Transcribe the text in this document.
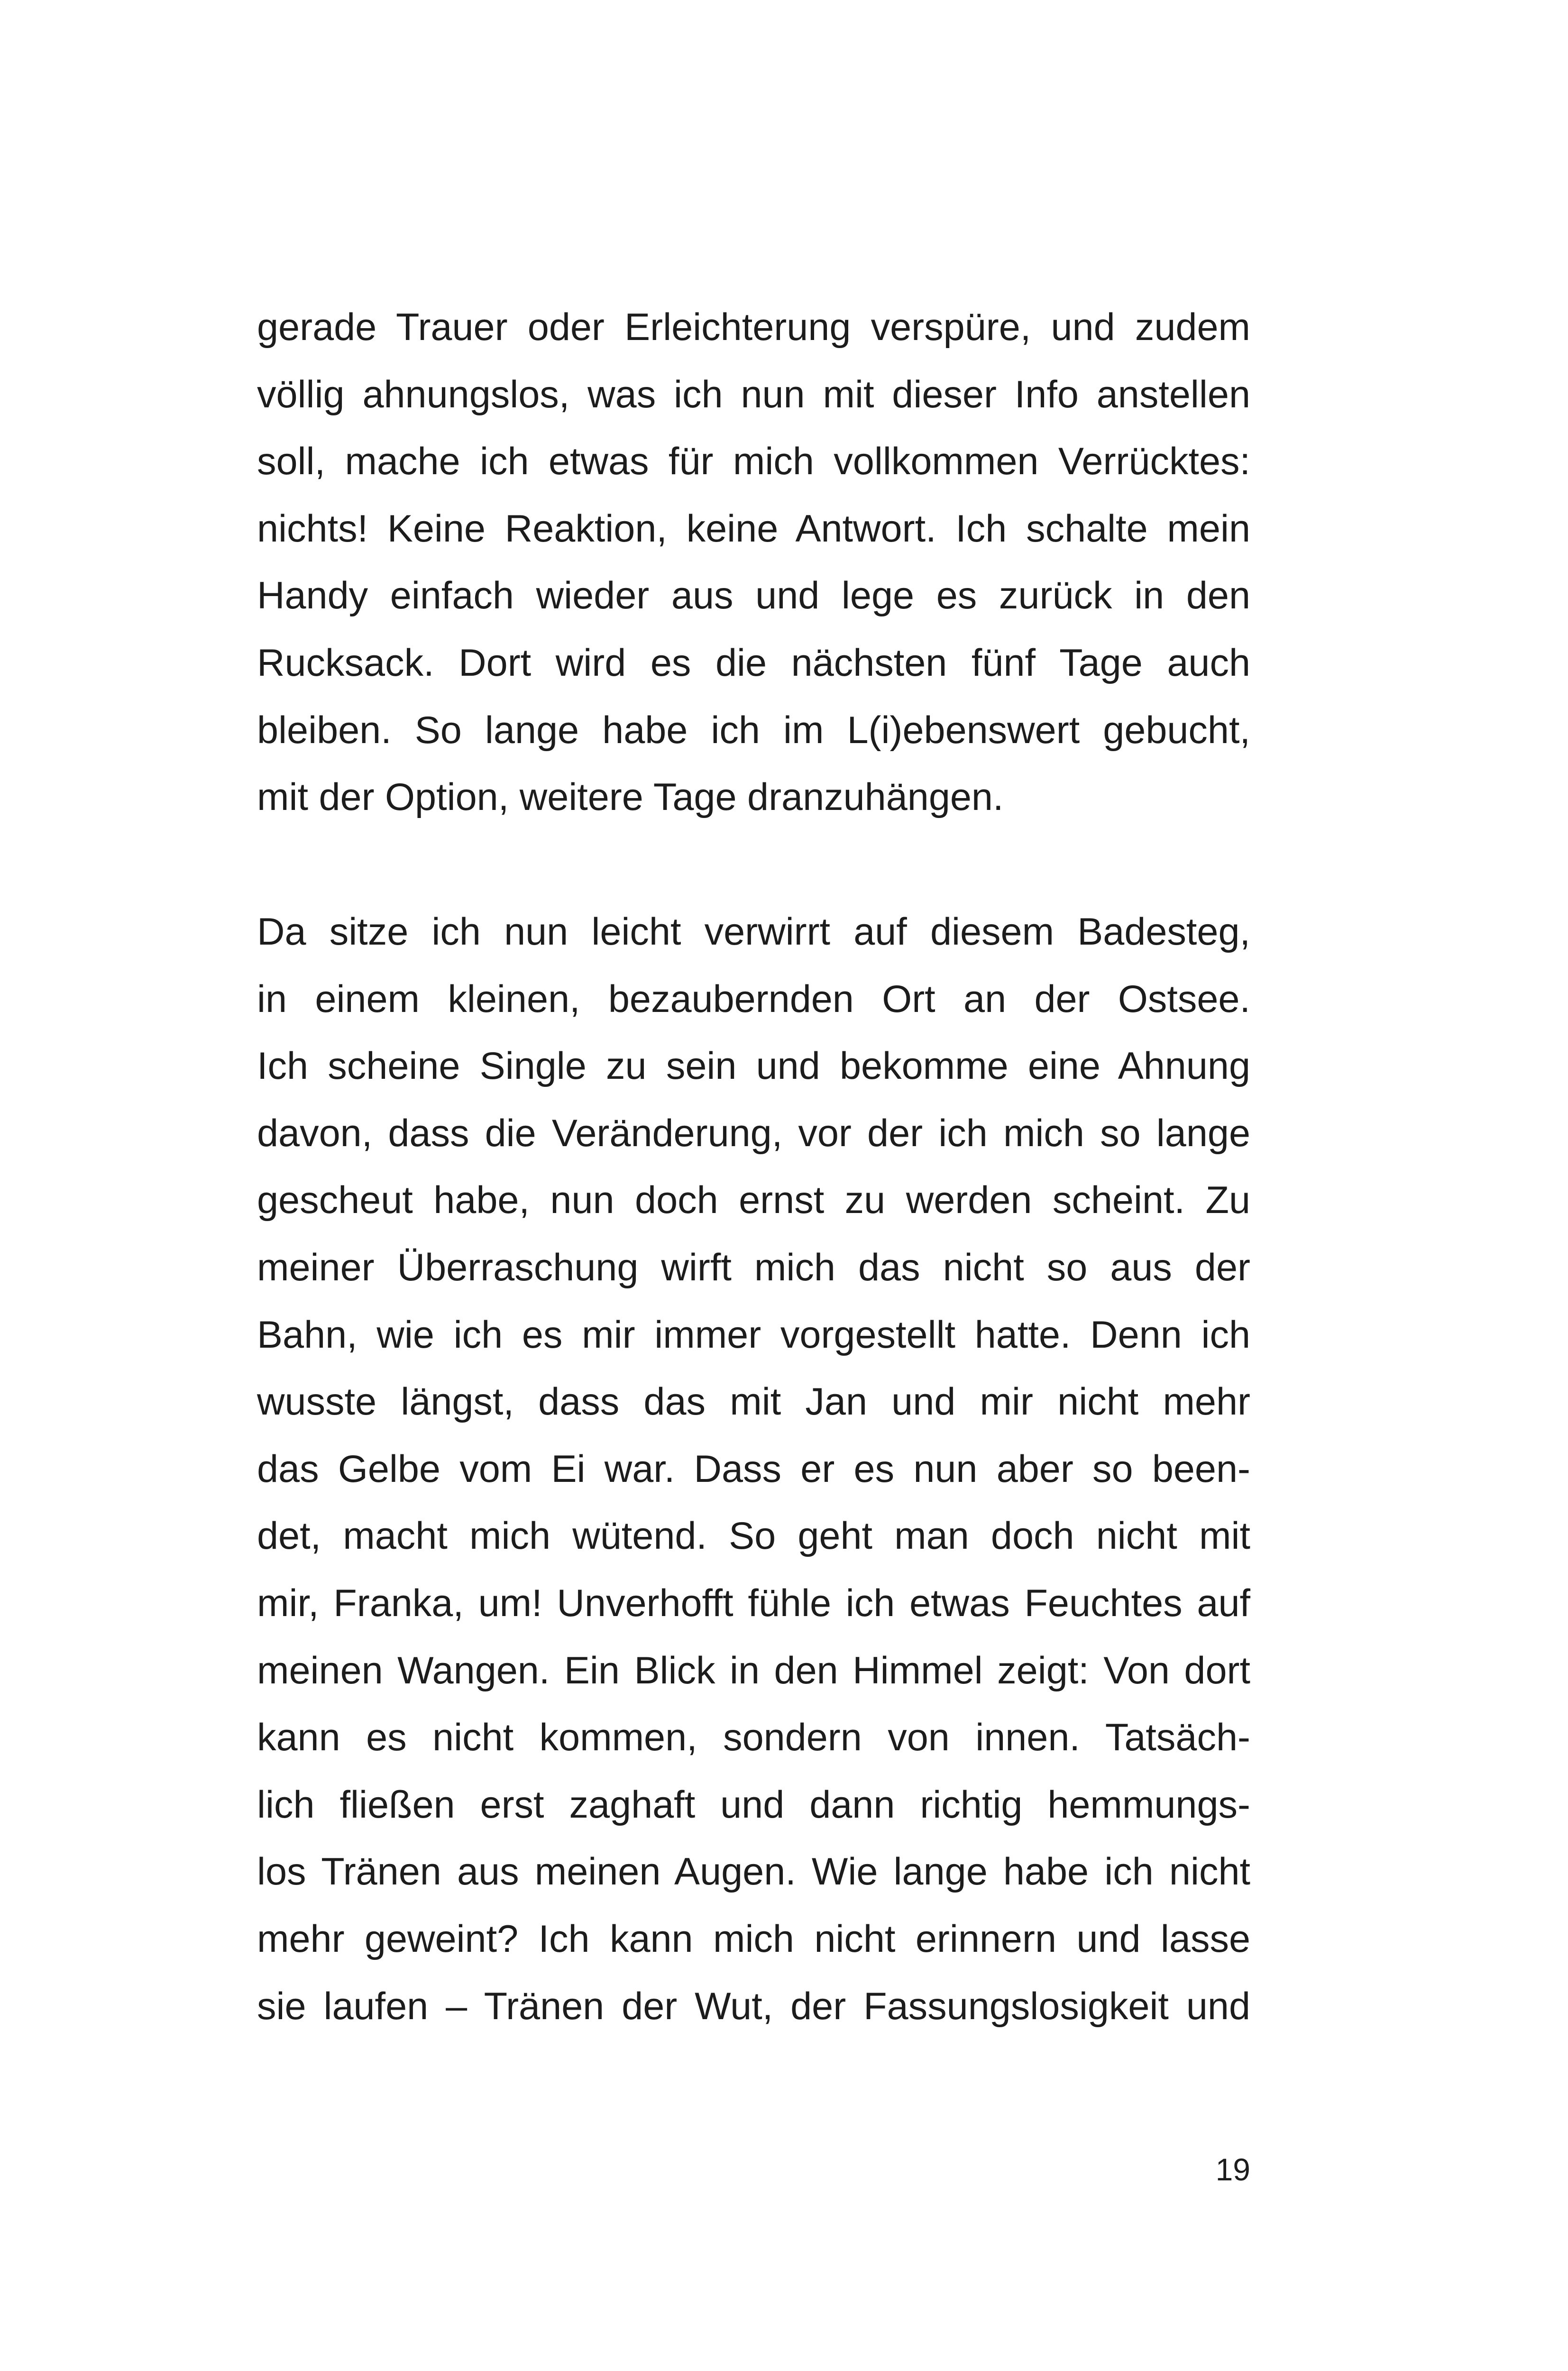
gerade Trauer oder Erleichterung verspüre, und zudem
völlig ahnungslos, was ich nun mit dieser Info anstellen
soll, mache ich etwas für mich vollkommen Verrücktes:
nichts! Keine Reaktion, keine Antwort. Ich schalte mein
Handy einfach wieder aus und lege es zurück in den
Rucksack. Dort wird es die nächsten fünf Tage auch
bleiben. So lange habe ich im L(i)ebenswert gebucht,
mit der Option, weitere Tage dranzuhängen.
Da sitze ich nun leicht verwirrt auf diesem Badesteg,
in einem kleinen, bezaubernden Ort an der Ostsee.
Ich scheine Single zu sein und bekomme eine Ahnung
davon, dass die Veränderung, vor der ich mich so lange
gescheut habe, nun doch ernst zu werden scheint. Zu
meiner Überraschung wirft mich das nicht so aus der
Bahn, wie ich es mir immer vorgestellt hatte. Denn ich
wusste längst, dass das mit Jan und mir nicht mehr
das Gelbe vom Ei war. Dass er es nun aber so been-
det, macht mich wütend. So geht man doch nicht mit
mir, Franka, um! Unverhofft fühle ich etwas Feuchtes auf
meinen Wangen. Ein Blick in den Himmel zeigt: Von dort
kann es nicht kommen, sondern von innen. Tatsäch-
lich fließen erst zaghaft und dann richtig hemmungs-
los Tränen aus meinen Augen. Wie lange habe ich nicht
mehr geweint? Ich kann mich nicht erinnern und lasse
sie laufen – Tränen der Wut, der Fassungslosigkeit und
19
